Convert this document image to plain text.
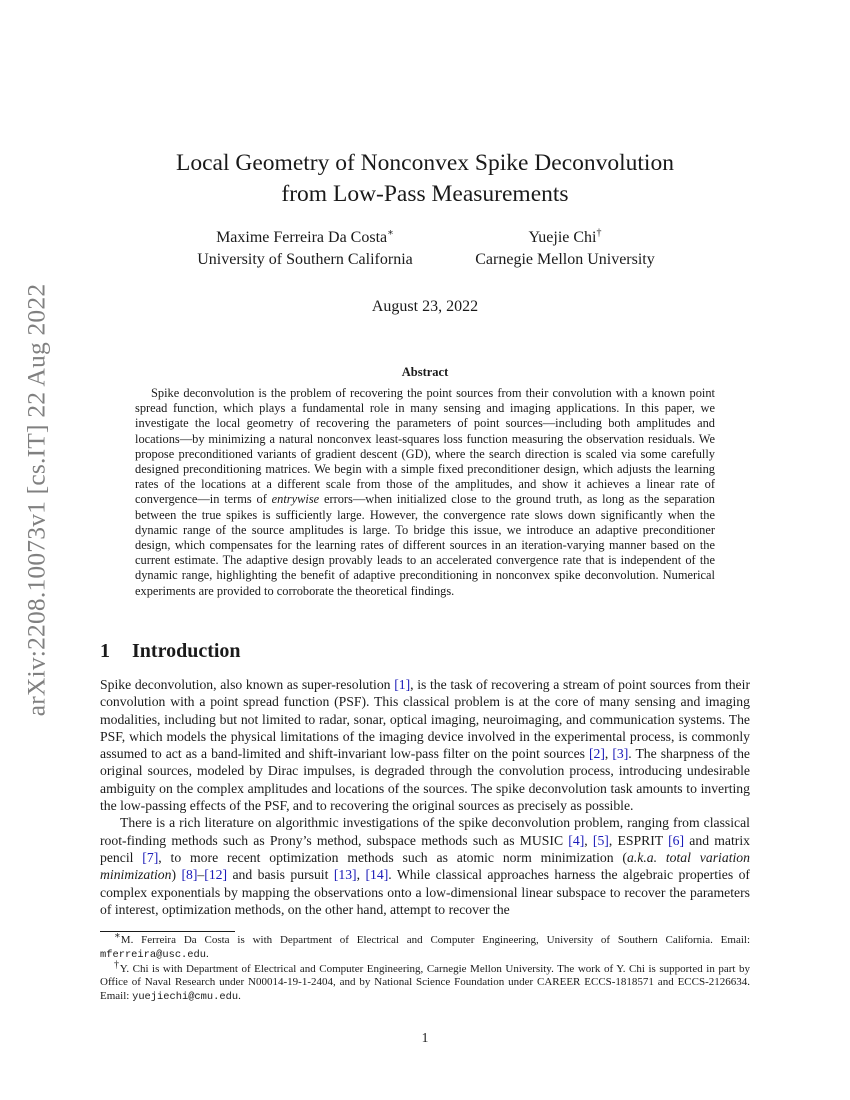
arXiv:2208.10073v1 [cs.IT] 22 Aug 2022
Local Geometry of Nonconvex Spike Deconvolution
from Low-Pass Measurements
Maxime Ferreira Da Costa∗
University of Southern California
Yuejie Chi†
Carnegie Mellon University
August 23, 2022
Abstract
Spike deconvolution is the problem of recovering the point sources from their convolution with a known point spread function, which plays a fundamental role in many sensing and imaging applications. In this paper, we investigate the local geometry of recovering the parameters of point sources—including both amplitudes and locations—by minimizing a natural nonconvex least-squares loss function measuring the observation residuals. We propose preconditioned variants of gradient descent (GD), where the search direction is scaled via some carefully designed preconditioning matrices. We begin with a simple fixed preconditioner design, which adjusts the learning rates of the locations at a different scale from those of the amplitudes, and show it achieves a linear rate of convergence—in terms of entrywise errors—when initialized close to the ground truth, as long as the separation between the true spikes is sufficiently large. However, the convergence rate slows down significantly when the dynamic range of the source amplitudes is large. To bridge this issue, we introduce an adaptive preconditioner design, which compensates for the learning rates of different sources in an iteration-varying manner based on the current estimate. The adaptive design provably leads to an accelerated convergence rate that is independent of the dynamic range, highlighting the benefit of adaptive preconditioning in nonconvex spike deconvolution. Numerical experiments are provided to corroborate the theoretical findings.
1 Introduction

Spike deconvolution, also known as super-resolution [1], is the task of recovering a stream of point sources from their convolution with a point spread function (PSF). This classical problem is at the core of many sensing and imaging modalities, including but not limited to radar, sonar, optical imaging, neuroimaging, and communication systems. The PSF, which models the physical limitations of the imaging device involved in the experimental process, is commonly assumed to act as a band-limited and shift-invariant low-pass filter on the point sources [2], [3]. The sharpness of the original sources, modeled by Dirac impulses, is degraded through the convolution process, introducing undesirable ambiguity on the complex amplitudes and locations of the sources. The spike deconvolution task amounts to inverting the low-passing effects of the PSF, and to recovering the original sources as precisely as possible.

There is a rich literature on algorithmic investigations of the spike deconvolution problem, ranging from classical root-finding methods such as Prony’s method, subspace methods such as MUSIC [4], [5], ESPRIT [6] and matrix pencil [7], to more recent optimization methods such as atomic norm minimization (a.k.a. total variation minimization) [8]–[12] and basis pursuit [13], [14]. While classical approaches harness the algebraic properties of complex exponentials by mapping the observations onto a low-dimensional linear subspace to recover the parameters of interest, optimization methods, on the other hand, attempt to recover the

∗M. Ferreira Da Costa is with Department of Electrical and Computer Engineering, University of Southern California. Email: mferreira@usc.edu.

†Y. Chi is with Department of Electrical and Computer Engineering, Carnegie Mellon University. The work of Y. Chi is supported in part by Office of Naval Research under N00014-19-1-2404, and by National Science Foundation under CAREER ECCS-1818571 and ECCS-2126634. Email: yuejiechi@cmu.edu.

1
